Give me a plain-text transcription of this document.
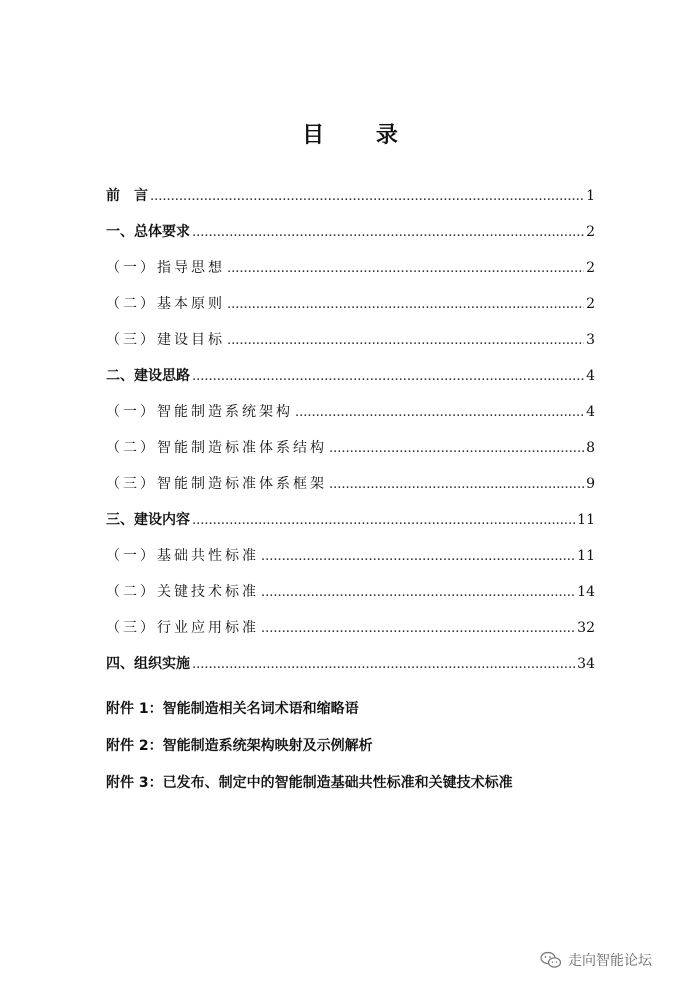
目 录
前　言 .....	1
一、总体要求 .....	2
（一）指导思想 .....	2
（二）基本原则 .....	2
（三）建设目标 .....	3
二、建设思路 .....	4
（一）智能制造系统架构 .....	4
（二）智能制造标准体系结构 .....	8
（三）智能制造标准体系框架 .....	9
三、建设内容 .....	11
（一）基础共性标准 .....	11
（二）关键技术标准 .....	14
（三）行业应用标准 .....	32
四、组织实施 .....	34
附件 1：智能制造相关名词术语和缩略语
附件 2：智能制造系统架构映射及示例解析
附件 3：已发布、制定中的智能制造基础共性标准和关键技术标准
走向智能论坛
